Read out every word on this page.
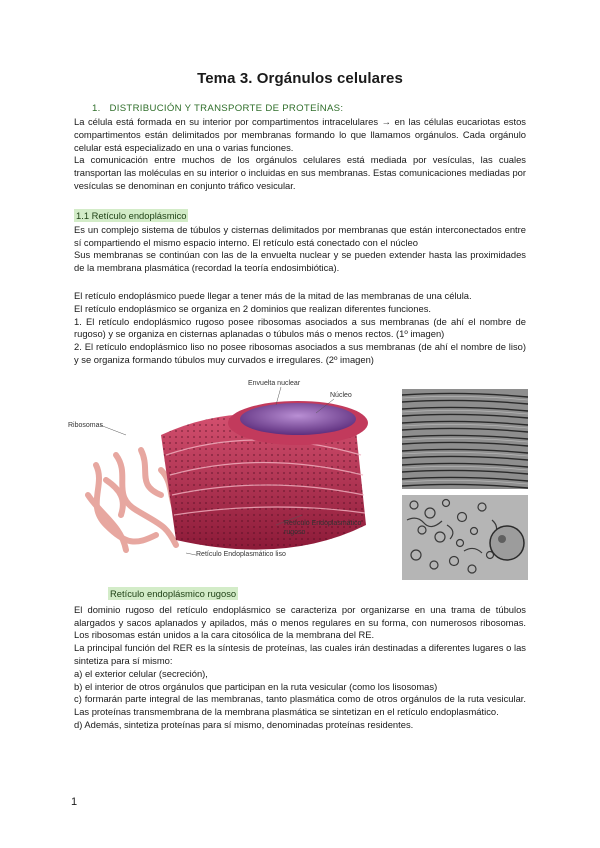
Tema 3. Orgánulos celulares
1. DISTRIBUCIÓN Y TRANSPORTE DE PROTEÍNAS:

La célula está formada en su interior por compartimentos intracelulares → en las células eucariotas estos compartimentos están delimitados por membranas formando lo que llamamos orgánulos. Cada orgánulo celular está especializado en una o varias funciones.

La comunicación entre muchos de los orgánulos celulares está mediada por vesículas, las cuales transportan las moléculas en su interior o incluidas en sus membranas. Estas comunicaciones mediadas por vesículas se denominan en conjunto tráfico vesicular.

1.1 Retículo endoplásmico

Es un complejo sistema de túbulos y cisternas delimitados por membranas que están interconectados entre sí compartiendo el mismo espacio interno. El retículo está conectado con el núcleo

Sus membranas se continúan con las de la envuelta nuclear y se pueden extender hasta las proximidades de la membrana plasmática (recordad la teoría endosimbiótica).

El retículo endoplásmico puede llegar a tener más de la mitad de las membranas de una célula.

El retículo endoplásmico se organiza en 2 dominios que realizan diferentes funciones.

1. El retículo endoplásmico rugoso posee ribosomas asociados a sus membranas (de ahí el nombre de rugoso) y se organiza en cisternas aplanadas o túbulos más o menos rectos. (1º imagen)

2. El retículo endoplásmico liso no posee ribosomas asociados a sus membranas (de ahí el nombre de liso) y se organiza formando túbulos muy curvados e irregulares. (2º imagen)

Envuelta nuclear
Núcleo
Ribosomas
Retículo Endoplasmático
rugoso
Retículo Endoplasmático liso

Retículo endoplásmico rugoso

El dominio rugoso del retículo endoplásmico se caracteriza por organizarse en una trama de túbulos alargados y sacos aplanados y apilados, más o menos regulares en su forma, con numerosos ribosomas. Los ribosomas están unidos a la cara citosólica de la membrana del RE.

La principal función del RER es la síntesis de proteínas, las cuales irán destinadas a diferentes lugares o las sintetiza para sí mismo:

a) el exterior celular (secreción),

b) el interior de otros orgánulos que participan en la ruta vesicular (como los lisosomas)

c) formarán parte integral de las membranas, tanto plasmática como de otros orgánulos de la ruta vesicular. Las proteínas transmembrana de la membrana plasmática se sintetizan en el retículo endoplasmático.

d) Además, sintetiza proteínas para sí mismo, denominadas proteínas residentes.

1
